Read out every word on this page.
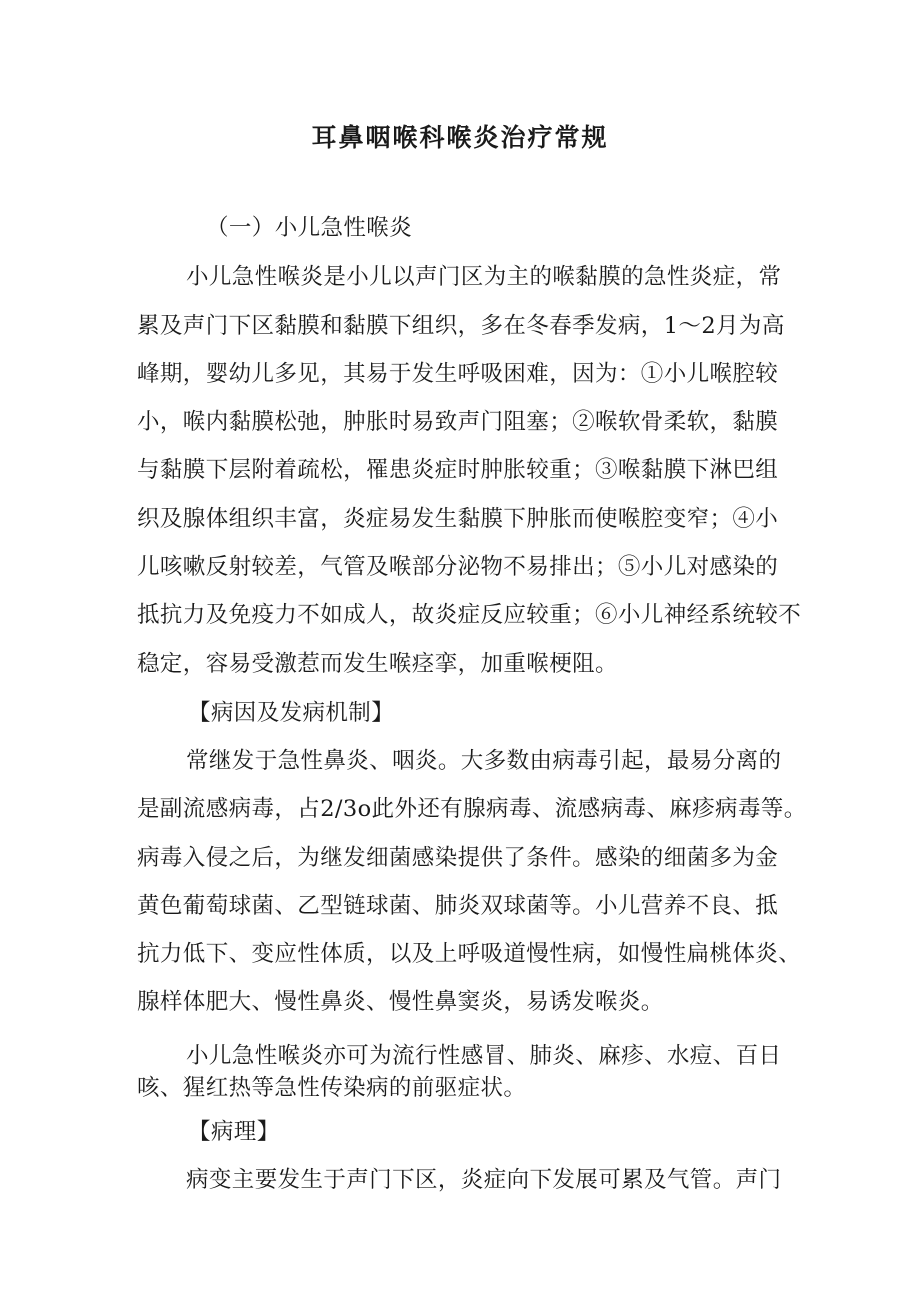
耳鼻咽喉科喉炎治疗常规
（一）小儿急性喉炎
小儿急性喉炎是小儿以声门区为主的喉黏膜的急性炎症，常
累及声门下区黏膜和黏膜下组织，多在冬春季发病，1～2月为高
峰期，婴幼儿多见，其易于发生呼吸困难，因为：①小儿喉腔较
小，喉内黏膜松弛，肿胀时易致声门阻塞；②喉软骨柔软，黏膜
与黏膜下层附着疏松，罹患炎症时肿胀较重；③喉黏膜下淋巴组
织及腺体组织丰富，炎症易发生黏膜下肿胀而使喉腔变窄；④小
儿咳嗽反射较差，气管及喉部分泌物不易排出；⑤小儿对感染的
抵抗力及免疫力不如成人，故炎症反应较重；⑥小儿神经系统较不
稳定，容易受激惹而发生喉痉挛，加重喉梗阻。
【病因及发病机制】
常继发于急性鼻炎、咽炎。大多数由病毒引起，最易分离的
是副流感病毒，占2/3o此外还有腺病毒、流感病毒、麻疹病毒等。
病毒入侵之后，为继发细菌感染提供了条件。感染的细菌多为金
黄色葡萄球菌、乙型链球菌、肺炎双球菌等。小儿营养不良、抵
抗力低下、变应性体质，以及上呼吸道慢性病，如慢性扁桃体炎、
腺样体肥大、慢性鼻炎、慢性鼻窦炎，易诱发喉炎。
小儿急性喉炎亦可为流行性感冒、肺炎、麻疹、水痘、百日
咳、猩红热等急性传染病的前驱症状。
【病理】
病变主要发生于声门下区，炎症向下发展可累及气管。声门
